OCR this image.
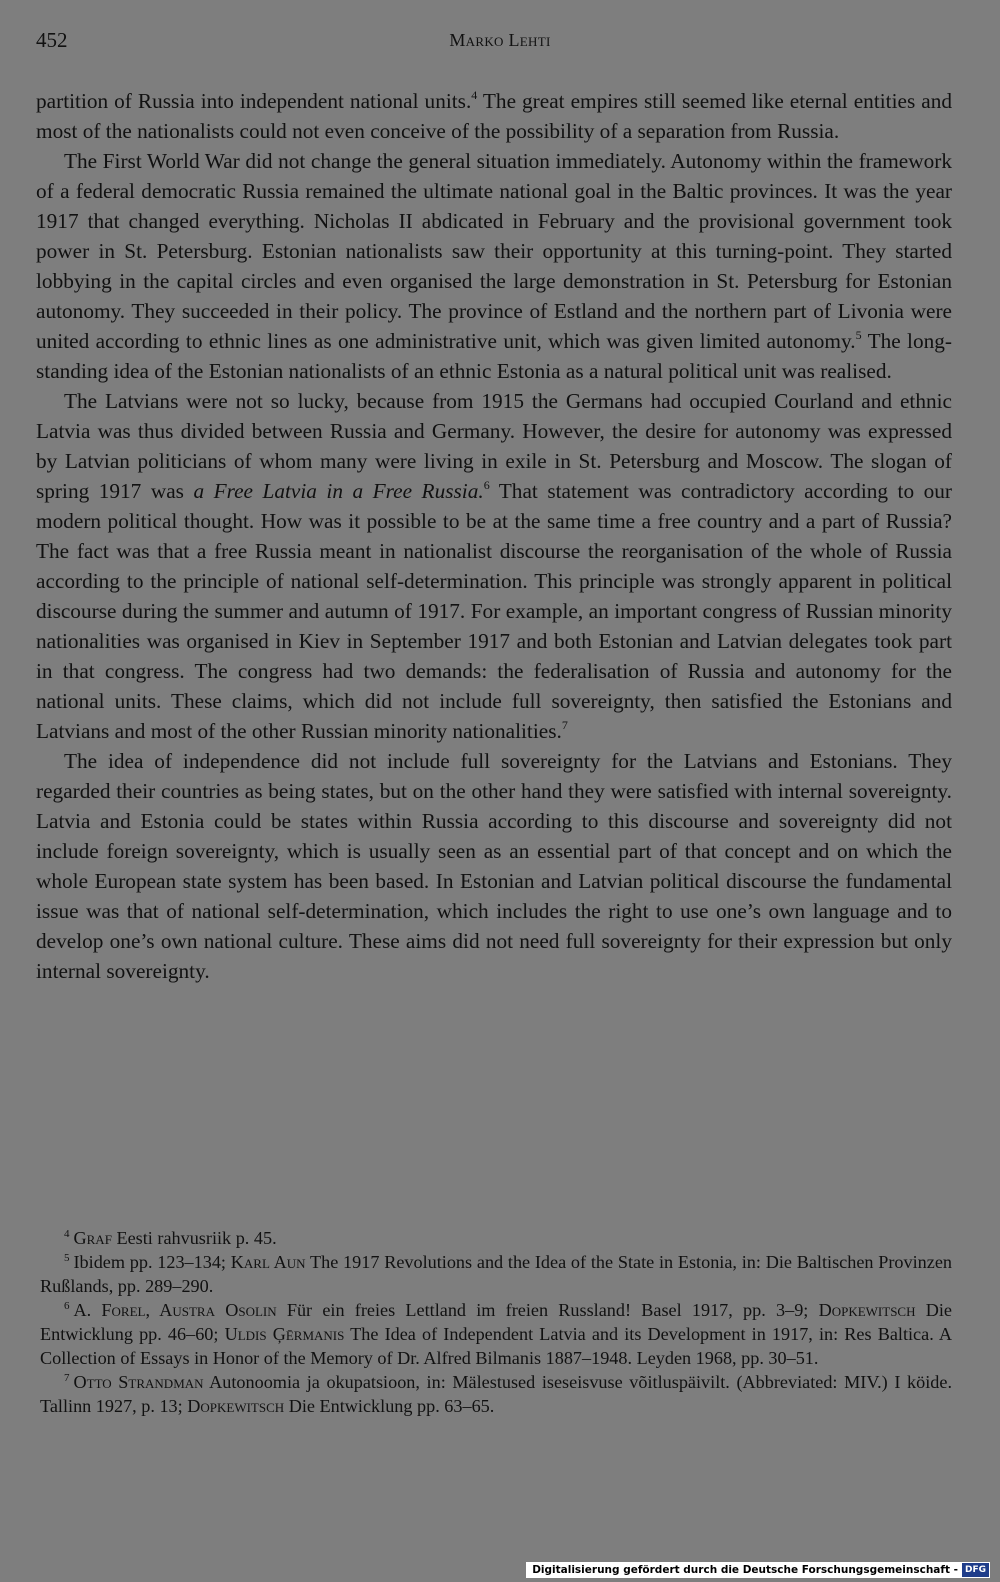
452	Marko Lehti

partition of Russia into independent national units.$^4$ The great empires still seemed like eternal entities and most of the nationalists could not even conceive of the possibility of a separation from Russia.

The First World War did not change the general situation immediately. Autonomy within the framework of a federal democratic Russia remained the ultimate national goal in the Baltic provinces. It was the year 1917 that changed everything. Nicholas II abdicated in February and the provisional government took power in St. Petersburg. Estonian nationalists saw their opportunity at this turning-point. They started lobbying in the capital circles and even organised the large demonstration in St. Petersburg for Estonian autonomy. They succeeded in their policy. The province of Estland and the northern part of Livonia were united according to ethnic lines as one administrative unit, which was given limited autonomy.$^5$ The long-standing idea of the Estonian nationalists of an ethnic Estonia as a natural political unit was realised.

The Latvians were not so lucky, because from 1915 the Germans had occupied Courland and ethnic Latvia was thus divided between Russia and Germany. However, the desire for autonomy was expressed by Latvian politicians of whom many were living in exile in St. Petersburg and Moscow. The slogan of spring 1917 was a Free Latvia in a Free Russia.$^6$ That statement was contradictory according to our modern political thought. How was it possible to be at the same time a free country and a part of Russia? The fact was that a free Russia meant in nationalist discourse the reorganisation of the whole of Russia according to the principle of national self-determination. This principle was strongly apparent in political discourse during the summer and autumn of 1917. For example, an important congress of Russian minority nationalities was organised in Kiev in September 1917 and both Estonian and Latvian delegates took part in that congress. The congress had two demands: the federalisation of Russia and autonomy for the national units. These claims, which did not include full sovereignty, then satisfied the Estonians and Latvians and most of the other Russian minority nationalities.$^7$

The idea of independence did not include full sovereignty for the Latvians and Estonians. They regarded their countries as being states, but on the other hand they were satisfied with internal sovereignty. Latvia and Estonia could be states within Russia according to this discourse and sovereignty did not include foreign sovereignty, which is usually seen as an essential part of that concept and on which the whole European state system has been based. In Estonian and Latvian political discourse the fundamental issue was that of national self-determination, which includes the right to use one’s own language and to develop one’s own national culture. These aims did not need full sovereignty for their expression but only internal sovereignty.

$^4$ Graf Eesti rahvusriik p. 45.

$^5$ Ibidem pp. 123–134; Karl Aun The 1917 Revolutions and the Idea of the State in Estonia, in: Die Baltischen Provinzen Rußlands, pp. 289–290.

$^6$ A. Forel, Austra Osolin Für ein freies Lettland im freien Russland! Basel 1917, pp. 3–9; Dopkewitsch Die Entwicklung pp. 46–60; Uldis Ģērmanis The Idea of Independent Latvia and its Development in 1917, in: Res Baltica. A Collection of Essays in Honor of the Memory of Dr. Alfred Bilmanis 1887–1948. Leyden 1968, pp. 30–51.

$^7$ Otto Strandman Autonoomia ja okupatsioon, in: Mälestused iseseisvuse võitluspäivilt. (Abbreviated: MIV.) I köide. Tallinn 1927, p. 13; Dopkewitsch Die Entwicklung pp. 63–65.

Digitalisierung gefördert durch die Deutsche Forschungsgemeinschaft - DFG
